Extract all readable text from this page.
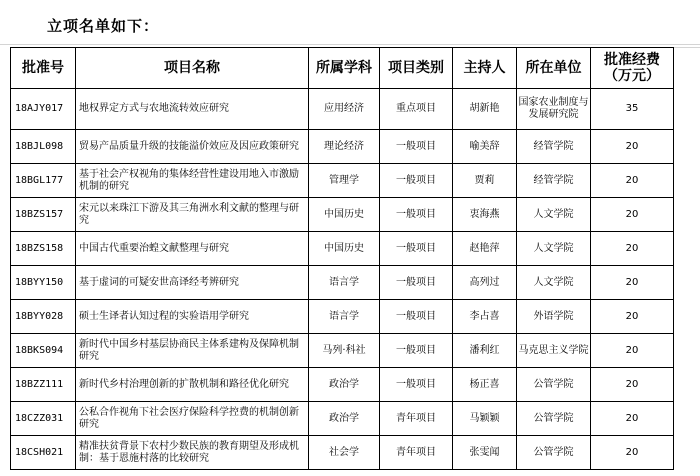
立项名单如下：
批准号	项目名称	所属学科	项目类别	主持人	所在单位	批准经费（万元）
18AJY017	地权界定方式与农地流转效应研究	应用经济	重点项目	胡新艳	国家农业制度与发展研究院	35
18BJL098	贸易产品质量升级的技能溢价效应及因应政策研究	理论经济	一般项目	喻美辞	经管学院	20
18BGL177	基于社会产权视角的集体经营性建设用地入市激励机制的研究	管理学	一般项目	贾莉	经管学院	20
18BZS157	宋元以来珠江下游及其三角洲水利文献的整理与研究	中国历史	一般项目	衷海燕	人文学院	20
18BZS158	中国古代重要治蝗文献整理与研究	中国历史	一般项目	赵艳萍	人文学院	20
18BYY150	基于虚词的可疑安世高译经考辨研究	语言学	一般项目	高列过	人文学院	20
18BYY028	硕士生译者认知过程的实验语用学研究	语言学	一般项目	李占喜	外语学院	20
18BKS094	新时代中国乡村基层协商民主体系建构及保障机制研究	马列·科社	一般项目	潘利红	马克思主义学院	20
18BZZ111	新时代乡村治理创新的扩散机制和路径优化研究	政治学	一般项目	杨正喜	公管学院	20
18CZZ031	公私合作视角下社会医疗保险科学控费的机制创新研究	政治学	青年项目	马颖颖	公管学院	20
18CSH021	精准扶贫背景下农村少数民族的教育期望及形成机制：基于恩施村落的比较研究	社会学	青年项目	张雯闻	公管学院	20
